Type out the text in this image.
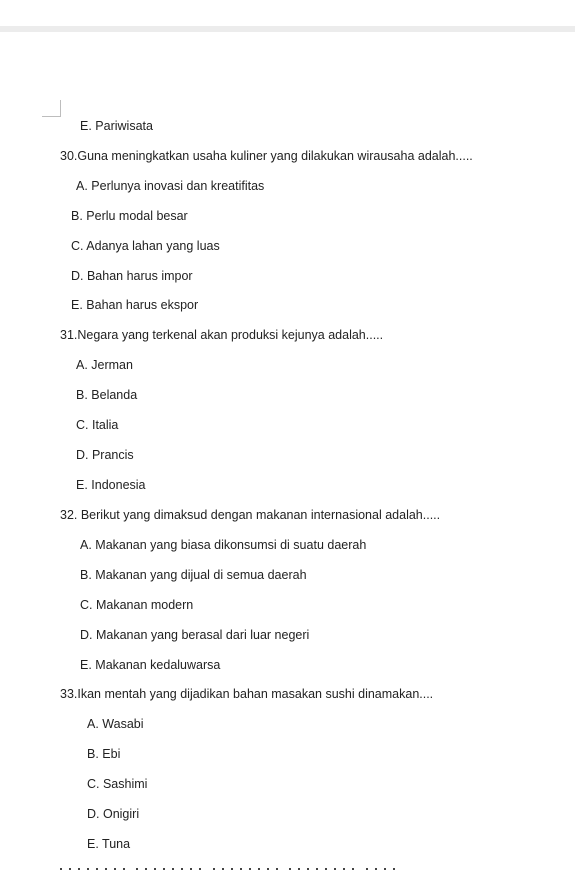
E. Pariwisata
30.Guna meningkatkan usaha kuliner yang dilakukan wirausaha adalah.....
A. Perlunya inovasi dan kreatifitas
B. Perlu modal besar
C. Adanya lahan yang luas
D. Bahan harus impor
E. Bahan harus ekspor
31.Negara yang terkenal akan produksi kejunya adalah.....
A. Jerman
B. Belanda
C. Italia
D. Prancis
E. Indonesia
32. Berikut yang dimaksud dengan makanan internasional adalah.....
A. Makanan yang biasa dikonsumsi di suatu daerah
B. Makanan yang dijual di semua daerah
C. Makanan modern
D. Makanan yang berasal dari luar negeri
E. Makanan kedaluwarsa
33.Ikan mentah yang dijadikan bahan masakan sushi dinamakan....
A. Wasabi
B. Ebi
C. Sashimi
D. Onigiri
E. Tuna
